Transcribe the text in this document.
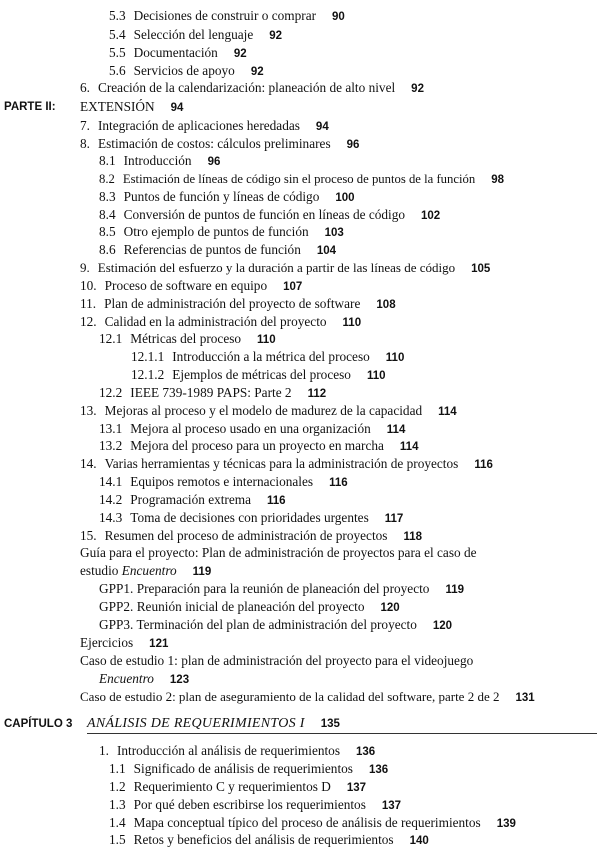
5.3 Decisiones de construir o comprar 90
5.4 Selección del lenguaje 92
5.5 Documentación 92
5.6 Servicios de apoyo 92
6. Creación de la calendarización: planeación de alto nivel 92
PARTE II: EXTENSIÓN 94
7. Integración de aplicaciones heredadas 94
8. Estimación de costos: cálculos preliminares 96
8.1 Introducción 96
8.2 Estimación de líneas de código sin el proceso de puntos de la función 98
8.3 Puntos de función y líneas de código 100
8.4 Conversión de puntos de función en líneas de código 102
8.5 Otro ejemplo de puntos de función 103
8.6 Referencias de puntos de función 104
9. Estimación del esfuerzo y la duración a partir de las líneas de código 105
10. Proceso de software en equipo 107
11. Plan de administración del proyecto de software 108
12. Calidad en la administración del proyecto 110
12.1 Métricas del proceso 110
12.1.1 Introducción a la métrica del proceso 110
12.1.2 Ejemplos de métricas del proceso 110
12.2 IEEE 739-1989 PAPS: Parte 2 112
13. Mejoras al proceso y el modelo de madurez de la capacidad 114
13.1 Mejora al proceso usado en una organización 114
13.2 Mejora del proceso para un proyecto en marcha 114
14. Varias herramientas y técnicas para la administración de proyectos 116
14.1 Equipos remotos e internacionales 116
14.2 Programación extrema 116
14.3 Toma de decisiones con prioridades urgentes 117
15. Resumen del proceso de administración de proyectos 118
Guía para el proyecto: Plan de administración de proyectos para el caso de
estudio Encuentro 119
GPP1. Preparación para la reunión de planeación del proyecto 119
GPP2. Reunión inicial de planeación del proyecto 120
GPP3. Terminación del plan de administración del proyecto 120
Ejercicios 121
Caso de estudio 1: plan de administración del proyecto para el videojuego
Encuentro 123
Caso de estudio 2: plan de aseguramiento de la calidad del software, parte 2 de 2 131
CAPÍTULO 3 ANÁLISIS DE REQUERIMIENTOS I 135
1. Introducción al análisis de requerimientos 136
1.1 Significado de análisis de requerimientos 136
1.2 Requerimiento C y requerimientos D 137
1.3 Por qué deben escribirse los requerimientos 137
1.4 Mapa conceptual típico del proceso de análisis de requerimientos 139
1.5 Retos y beneficios del análisis de requerimientos 140
